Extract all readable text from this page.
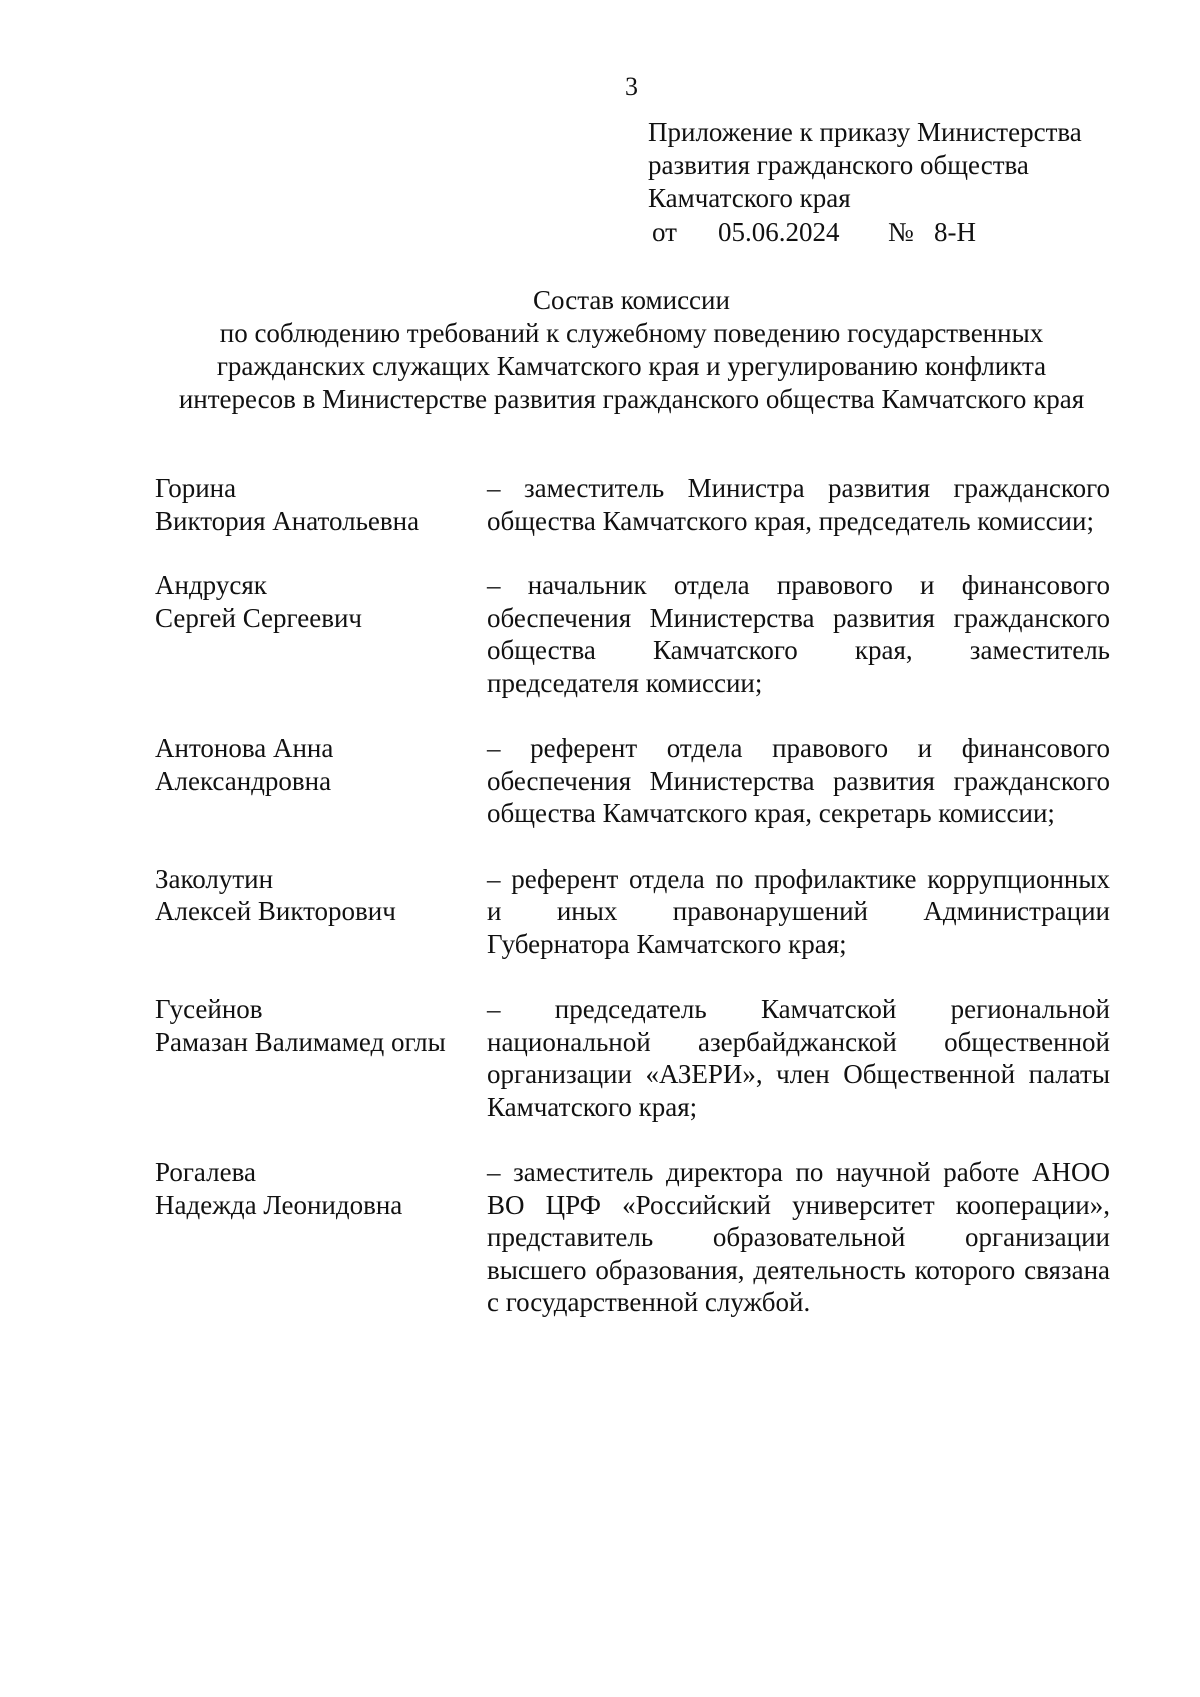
3
Приложение к приказу Министерства
развития гражданского общества
Камчатского края
от 05.06.2024 № 8-Н
Состав комиссии
по соблюдению требований к служебному поведению государственных
гражданских служащих Камчатского края и урегулированию конфликта
интересов в Министерстве развития гражданского общества Камчатского края
Горина
Виктория Анатольевна
– заместитель Министра развития гражданского общества Камчатского края, председатель комиссии;
Андрусяк
Сергей Сергеевич
– начальник отдела правового и финансового обеспечения Министерства развития гражданского общества Камчатского края, заместитель председателя комиссии;
Антонова Анна
Александровна
– референт отдела правового и финансового обеспечения Министерства развития гражданского общества Камчатского края, секретарь комиссии;
Заколутин
Алексей Викторович
– референт отдела по профилактике коррупционных и иных правонарушений Администрации Губернатора Камчатского края;
Гусейнов
Рамазан Валимамед оглы
– председатель Камчатской региональной национальной азербайджанской общественной организации «АЗЕРИ», член Общественной палаты Камчатского края;
Рогалева
Надежда Леонидовна
– заместитель директора по научной работе АНОО ВО ЦРФ «Российский университет кооперации», представитель образовательной организации высшего образования, деятельность которого связана с государственной службой.
